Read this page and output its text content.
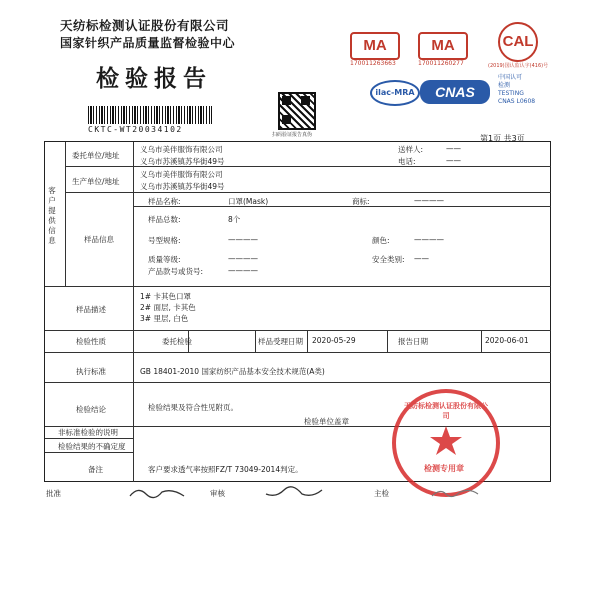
天纺标检测认证股份有限公司
国家针织产品质量监督检验中心
检验报告
CKTC-WT20034102
扫码验证报告真伪
MA
170011263663
MA
170011260277
CAL
(2019)国认监认字(416)号
ilac-MRA	CNAS
中国认可
检测
TESTING
CNAS L0608
第1页 共3页
客户提供信息
委托单位/地址
义乌市美伴服饰有限公司
义乌市苏溪镇苏华街49号
送样人:	——
电话:	——
生产单位/地址
义乌市美伴服饰有限公司
义乌市苏溪镇苏华街49号
样品信息
样品名称:	口罩(Mask)	商标:	————
样品总数:	8个
号型规格:	————	颜色:	————
质量等级:	————	安全类别: ——
产品款号或货号:	————
样品描述
1# 卡其色口罩
2# 面层, 卡其色
3# 里层, 白色
检验性质	委托检验	样品受理日期 2020-05-29	报告日期	2020-06-01
执行标准	GB 18401-2010 国家纺织产品基本安全技术规范(A类)
检验结论	检验结果及符合性见附页。
检验单位盖章
非标准检验的说明
检验结果的不确定度
备注	客户要求透气率按照FZ/T 73049-2014判定。
天纺标检测认证股份有限公司
检测专用章
批准	审核	主检
